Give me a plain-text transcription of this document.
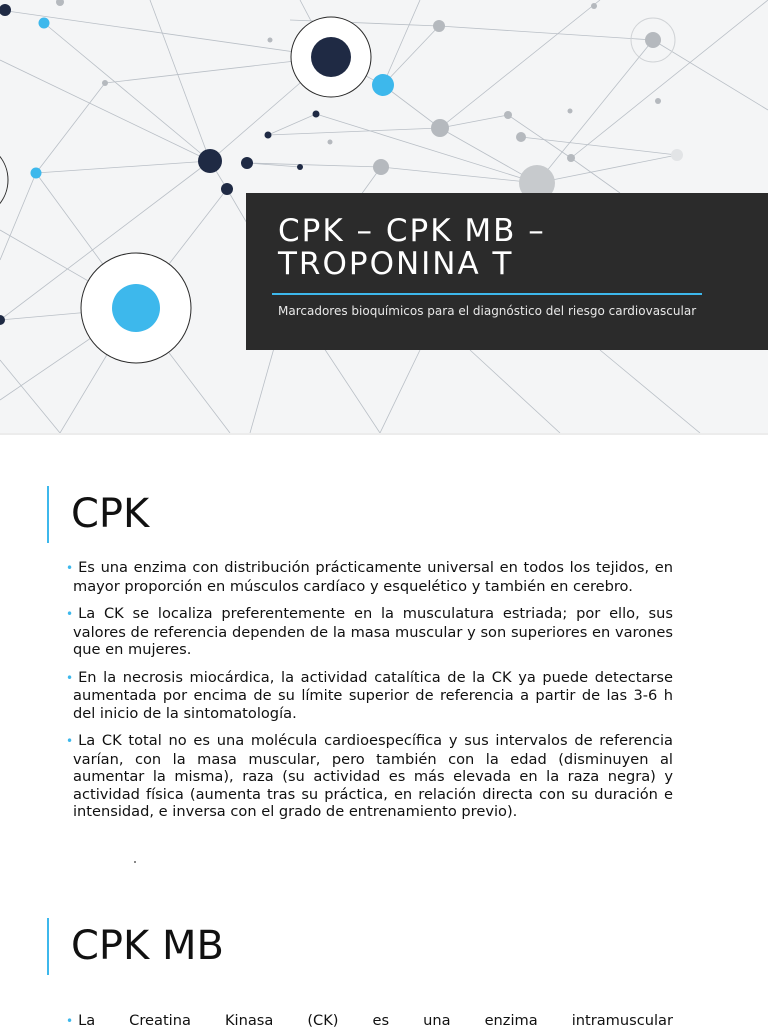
CPK – CPK MB – TROPONINA T
Marcadores bioquímicos para el diagnóstico del riesgo cardiovascular
CPK
• Es una enzima con distribución prácticamente universal en todos los tejidos, en mayor proporción en músculos cardíaco y esquelético y también en cerebro.
• La CK se localiza preferentemente en la musculatura estriada; por ello, sus valores de referencia dependen de la masa muscular y son superiores en varones que en mujeres.
• En la necrosis miocárdica, la actividad catalítica de la CK ya puede detectarse aumentada por encima de su límite superior de referencia a partir de las 3-6 h del inicio de la sintomatología.
• La CK total no es una molécula cardioespecífica y sus intervalos de referencia varían, con la masa muscular, pero también con la edad (disminuyen al aumentar la misma), raza (su actividad es más elevada en la raza negra) y actividad física (aumenta tras su práctica, en relación directa con su duración e intensidad, e inversa con el grado de entrenamiento previo).
CPK MB
• La Creatina Kinasa (CK) es una enzima intramuscular
